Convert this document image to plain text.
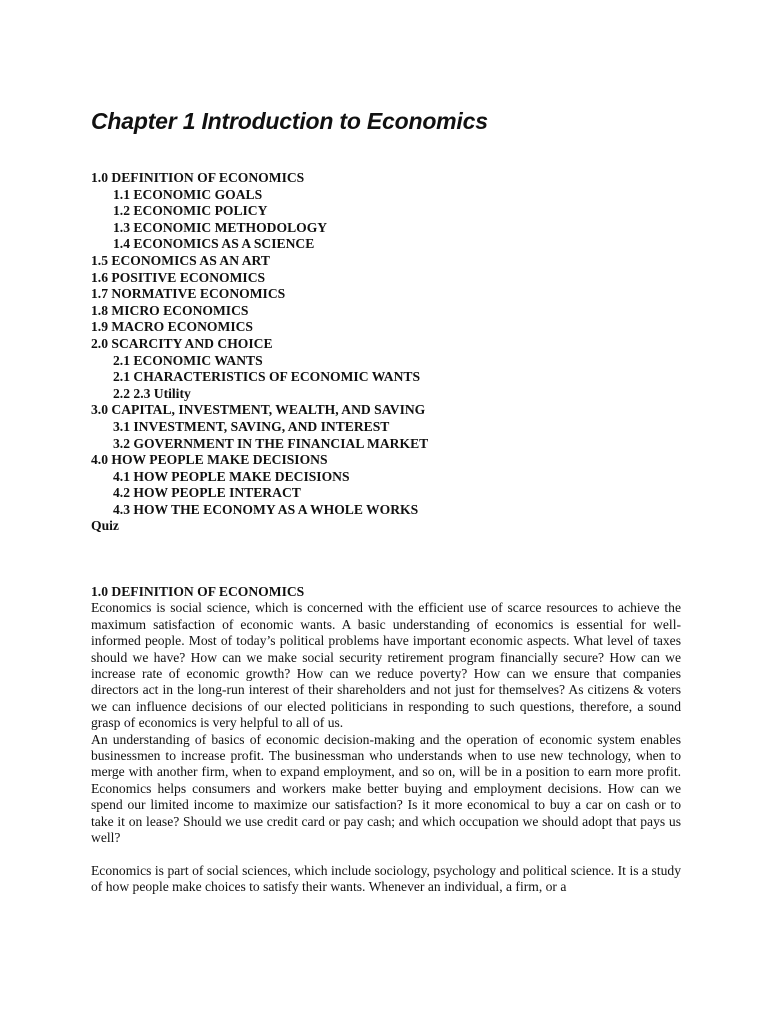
Chapter 1 Introduction to Economics
1.0 DEFINITION OF ECONOMICS
1.1 ECONOMIC GOALS
1.2 ECONOMIC POLICY
1.3 ECONOMIC METHODOLOGY
1.4 ECONOMICS AS A SCIENCE
1.5 ECONOMICS AS AN ART
1.6 POSITIVE ECONOMICS
1.7 NORMATIVE ECONOMICS
1.8 MICRO ECONOMICS
1.9 MACRO ECONOMICS
2.0 SCARCITY AND CHOICE
2.1 ECONOMIC WANTS
2.1 CHARACTERISTICS OF ECONOMIC WANTS
2.2 2.3 Utility
3.0 CAPITAL, INVESTMENT, WEALTH, AND SAVING
3.1 INVESTMENT, SAVING, AND INTEREST
3.2 GOVERNMENT IN THE FINANCIAL MARKET
4.0 HOW PEOPLE MAKE DECISIONS
4.1 HOW PEOPLE MAKE DECISIONS
4.2 HOW PEOPLE INTERACT
4.3 HOW THE ECONOMY AS A WHOLE WORKS
Quiz

1.0 DEFINITION OF ECONOMICS

Economics is social science, which is concerned with the efficient use of scarce resources to achieve the maximum satisfaction of economic wants. A basic understanding of economics is essential for well-informed people. Most of today’s political problems have important economic aspects. What level of taxes should we have? How can we make social security retirement program financially secure? How can we increase rate of economic growth? How can we reduce poverty? How can we ensure that companies directors act in the long-run interest of their shareholders and not just for themselves? As citizens & voters we can influence decisions of our elected politicians in responding to such questions, therefore, a sound grasp of economics is very helpful to all of us.

An understanding of basics of economic decision-making and the operation of economic system enables businessmen to increase profit. The businessman who understands when to use new technology, when to merge with another firm, when to expand employment, and so on, will be in a position to earn more profit. Economics helps consumers and workers make better buying and employment decisions. How can we spend our limited income to maximize our satisfaction? Is it more economical to buy a car on cash or to take it on lease? Should we use credit card or pay cash; and which occupation we should adopt that pays us well?

Economics is part of social sciences, which include sociology, psychology and political science. It is a study of how people make choices to satisfy their wants. Whenever an individual, a firm, or a
